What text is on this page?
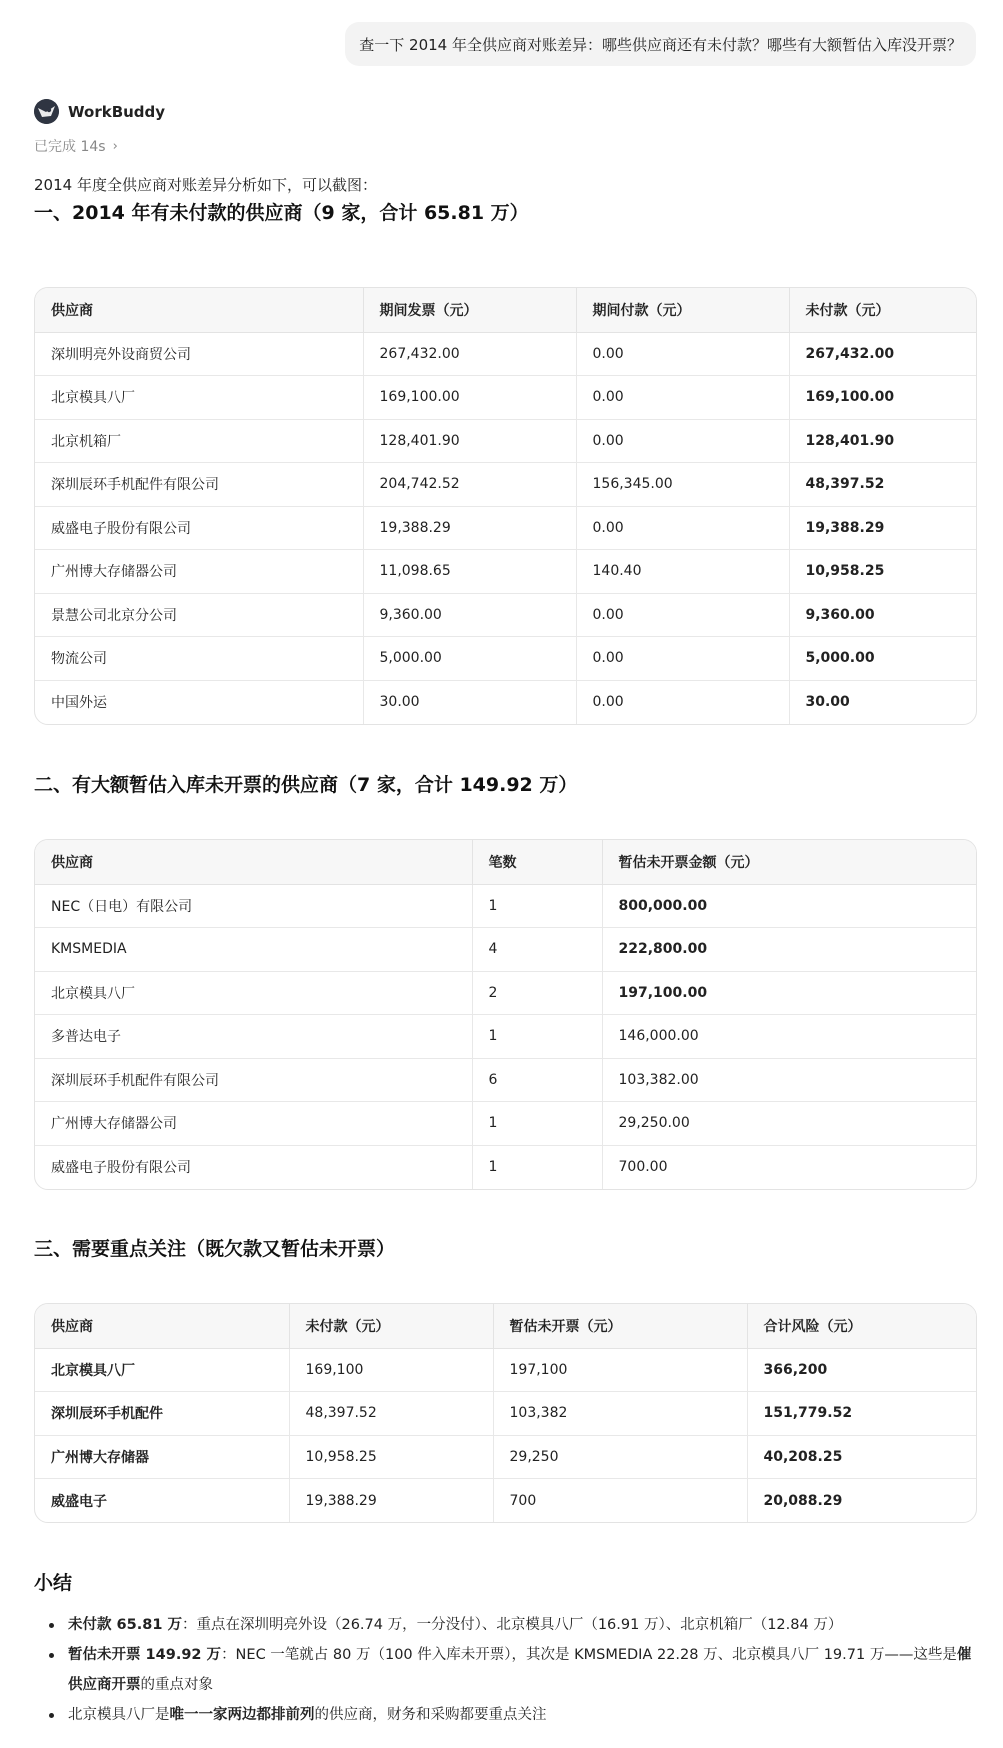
查一下 2014 年全供应商对账差异：哪些供应商还有未付款？哪些有大额暂估入库没开票？
WorkBuddy
已完成 14s ›
2014 年度全供应商对账差异分析如下，可以截图：
一、2014 年有未付款的供应商（9 家，合计 65.81 万）
供应商	期间发票（元）	期间付款（元）	未付款（元）
深圳明亮外设商贸公司	267,432.00	0.00	267,432.00
北京模具八厂	169,100.00	0.00	169,100.00
北京机箱厂	128,401.90	0.00	128,401.90
深圳辰环手机配件有限公司	204,742.52	156,345.00	48,397.52
威盛电子股份有限公司	19,388.29	0.00	19,388.29
广州博大存储器公司	11,098.65	140.40	10,958.25
景慧公司北京分公司	9,360.00	0.00	9,360.00
物流公司	5,000.00	0.00	5,000.00
中国外运	30.00	0.00	30.00
二、有大额暂估入库未开票的供应商（7 家，合计 149.92 万）
供应商	笔数	暂估未开票金额（元）
NEC（日电）有限公司	1	800,000.00
KMSMEDIA	4	222,800.00
北京模具八厂	2	197,100.00
多普达电子	1	146,000.00
深圳辰环手机配件有限公司	6	103,382.00
广州博大存储器公司	1	29,250.00
威盛电子股份有限公司	1	700.00
三、需要重点关注（既欠款又暂估未开票）
供应商	未付款（元）	暂估未开票（元）	合计风险（元）
北京模具八厂	169,100	197,100	366,200
深圳辰环手机配件	48,397.52	103,382	151,779.52
广州博大存储器	10,958.25	29,250	40,208.25
威盛电子	19,388.29	700	20,088.29
小结
未付款 65.81 万：重点在深圳明亮外设（26.74 万，一分没付）、北京模具八厂（16.91 万）、北京机箱厂（12.84 万）
暂估未开票 149.92 万：NEC 一笔就占 80 万（100 件入库未开票），其次是 KMSMEDIA 22.28 万、北京模具八厂 19.71 万——这些是催供应商开票的重点对象
北京模具八厂是唯一一家两边都排前列的供应商，财务和采购都要重点关注
